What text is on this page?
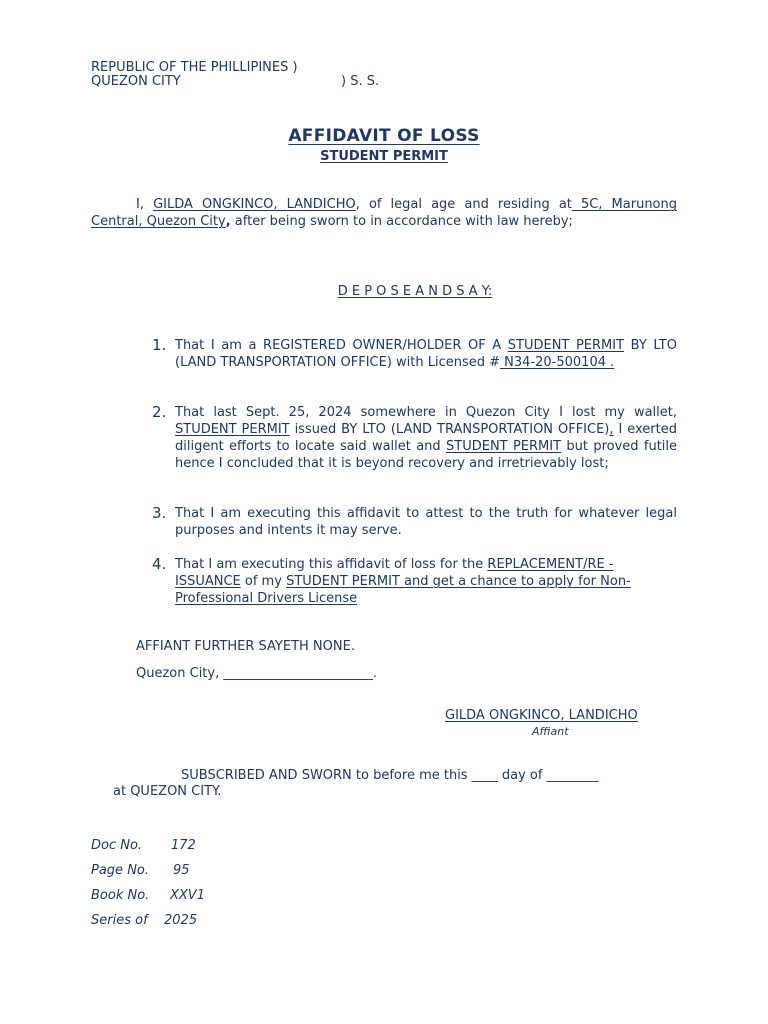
REPUBLIC OF THE PHILLIPINES )
QUEZON CITY	) S. S.
AFFIDAVIT OF LOSS
STUDENT PERMIT
I, GILDA ONGKINCO, LANDICHO, of legal age and residing at 5C, Marunong Central, Quezon City, after being sworn to in accordance with law hereby;
D E P O S E A N D S A Y:
1. That I am a REGISTERED OWNER/HOLDER OF A STUDENT PERMIT BY LTO (LAND TRANSPORTATION OFFICE) with Licensed # N34-20-500104 .
2. That last Sept. 25, 2024 somewhere in Quezon City I lost my wallet, STUDENT PERMIT issued BY LTO (LAND TRANSPORTATION OFFICE), I exerted diligent efforts to locate said wallet and STUDENT PERMIT but proved futile hence I concluded that it is beyond recovery and irretrievably lost;
3. That I am executing this affidavit to attest to the truth for whatever legal purposes and intents it may serve.
4. That I am executing this affidavit of loss for the REPLACEMENT/RE - ISSUANCE of my STUDENT PERMIT and get a chance to apply for Non-Professional Drivers License
AFFIANT FURTHER SAYETH NONE.
Quezon City, _______________________.
GILDA ONGKINCO, LANDICHO
Affiant
SUBSCRIBED AND SWORN to before me this ____ day of ________
at QUEZON CITY.
Doc No. 172
Page No. 95
Book No. XXV1
Series of 2025
